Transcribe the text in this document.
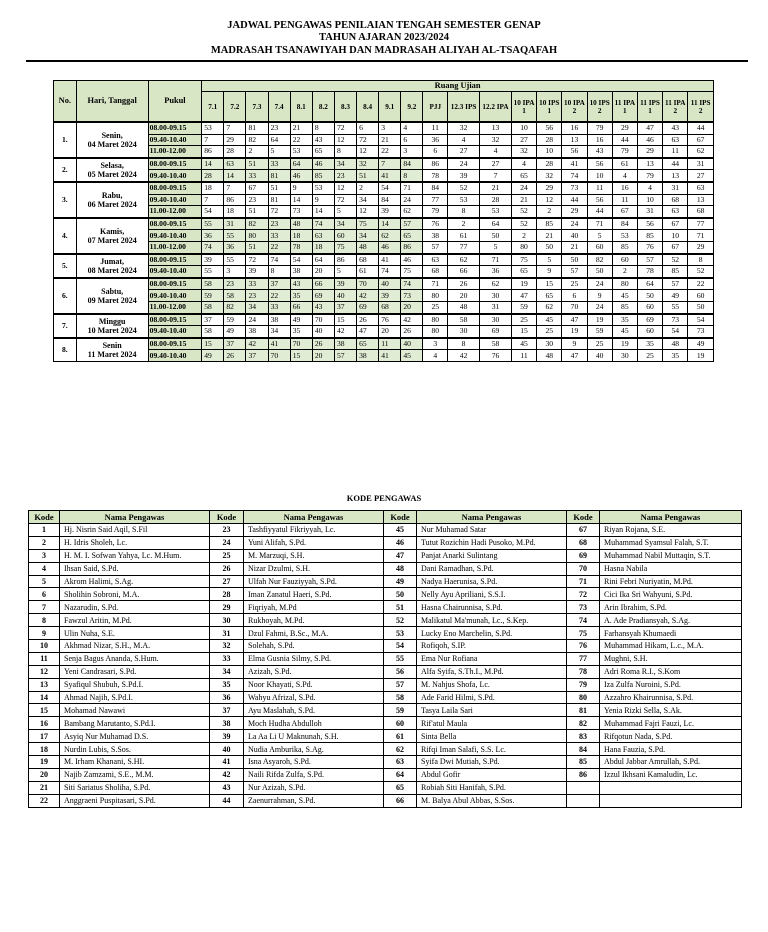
JADWAL PENGAWAS PENILAIAN TENGAH SEMESTER GENAP
TAHUN AJARAN 2023/2024
MADRASAH TSANAWIYAH DAN MADRASAH ALIYAH AL-TSAQAFAH
No.	Hari, Tanggal	Pukul	Ruang Ujian																				
			7.1	7.2	7.3	7.4	8.1	8.2	8.3	8.4	9.1	9.2	PJJ	12.3 IPS	12.2 IPA	10 IPA 1	10 IPS 1	10 IPA 2	10 IPS 2	11 IPA 1	11 IPS 1	11 IPA 2	11 IPS 2
1.	Senin,
04 Maret 2024	08.00-09.15	53	7	81	23	21	8	72	6	3	4	11	32	13	10	56	16	79	29	47	43	44
		09.40-10.40	7	29	82	64	22	43	12	72	21	6	36	4	32	27	28	13	16	44	46	63	67
		11.00-12.00	86	28	2	5	53	65	8	12	22	3	6	27	4	32	10	56	43	79	29	11	62
2.	Selasa,
05 Maret 2024	08.00-09.15	14	63	51	33	64	46	34	32	7	84	86	24	27	4	28	41	56	61	13	44	31
		09.40-10.40	28	14	33	81	46	85	23	51	41	8	78	39	7	65	32	74	10	4	79	13	27
3.	Rabu,
06 Maret 2024	08.00-09.15	18	7	67	51	9	53	12	2	54	71	84	52	21	24	29	73	11	16	4	31	63
		09.40-10.40	7	86	23	81	14	9	72	34	84	24	77	53	28	21	12	44	56	11	10	68	13
		11.00-12.00	54	18	51	72	73	14	5	12	39	62	79	8	53	52	2	29	44	67	31	63	68
4.	Kamis,
07 Maret 2024	08.00-09.15	55	31	82	23	48	74	34	75	14	57	76	2	64	52	85	24	71	84	56	67	77
		09.40-10.40	36	55	80	33	18	63	60	34	62	65	38	61	50	2	21	40	5	53	85	10	71
		11.00-12.00	74	36	51	22	78	18	75	48	46	86	57	77	5	80	50	21	60	85	76	67	29
5.	Jumat,
08 Maret 2024	08.00-09.15	39	55	72	74	54	64	86	68	41	46	63	62	71	75	5	50	82	60	57	52	8
		09.40-10.40	55	3	39	8	38	20	5	61	74	75	68	66	36	65	9	57	50	2	78	85	52
6.	Sabtu,
09 Maret 2024	08.00-09.15	58	23	33	37	43	66	39	70	40	74	71	26	62	19	15	25	24	80	64	57	22
		09.40-10.40	59	58	23	22	35	69	40	42	39	73	80	20	30	47	65	6	9	45	50	49	60
		11.00-12.00	58	82	34	33	66	43	37	69	68	20	25	48	31	59	62	70	24	85	60	55	50
7.	Minggu
10 Maret 2024	08.00-09.15	37	59	24	38	49	70	15	26	76	42	80	58	30	25	45	47	19	35	69	73	54
		09.40-10.40	58	49	38	34	35	40	42	47	20	26	80	30	69	15	25	19	59	45	60	54	73
8.	Senin
11 Maret 2024	08.00-09.15	15	37	42	41	70	26	38	65	11	40	3	8	58	45	30	9	25	19	35	48	49
		09.40-10.40	49	26	37	70	15	20	57	38	41	45	4	42	76	11	48	47	40	30	25	35	19
KODE PENGAWAS
Kode	Nama Pengawas	Kode	Nama Pengawas	Kode	Nama Pengawas	Kode	Nama Pengawas
1	Hj. Nisrin Said Aqil, S.Fil	23	Tashfiyyatul Fikriyyah, Lc.	45	Nur Muhamad Satar	67	Riyan Rojana, S.E.
2	H. Idris Sholeh, Lc.	24	Yuni Alifah, S.Pd.	46	Tutut Rozichin Hadi Pusoko, M.Pd.	68	Muhammad Syamsul Falah, S.T.
3	H. M. I. Sofwan Yahya, Lc. M.Hum.	25	M. Marzuqi, S.H.	47	Panjat Anarki Sulintang	69	Muhammad Nabil Muttaqin, S.T.
4	Ihsan Said, S.Pd.	26	Nizar Dzulmi, S.H.	48	Dani Ramadhan, S.Pd.	70	Hasna Nabila
5	Akrom Halimi, S.Ag.	27	Ulfah Nur Fauziyyah, S.Pd.	49	Nadya Haerunisa, S.Pd.	71	Rini Febri Nuriyatin, M.Pd.
6	Sholihin Sobroni, M.A.	28	Iman Zanatul Haeri, S.Pd.	50	Nelly Ayu Apriliani, S.S.I.	72	Cici Ika Sri Wahyuni, S.Pd.
7	Nazarudin, S.Pd.	29	Fiqriyah, M.Pd	51	Hasna Chairunnisa, S.Pd.	73	Arin Ibrahim, S.Pd.
8	Fawzul Aritin, M.Pd.	30	Rukhoyah, M.Pd.	52	Malikatul Ma'munah, Lc., S.Kep.	74	A. Ade Pradiansyah, S.Ag.
9	Ulin Nuha, S.E.	31	Dzul Fahmi, B.Sc., M.A.	53	Lucky Eno Marchelin, S.Pd.	75	Farhansyah Khumaedi
10	Akhmad Nizar, S.H., M.A.	32	Solehah, S.Pd.	54	Rofiqoh, S.IP.	76	Muhammad Hikam, L.c., M.A.
11	Senja Bagus Ananda, S.Hum.	33	Elma Gusnia Silmy, S.Pd.	55	Ema Nur Rofiana	77	Mughni, S.H.
12	Yeni Candrasari, S.Pd.	34	Azizah, S.Pd.	56	Alfa Syifa, S.Th.I., M.Pd.	78	Adri Roma R.I., S.Kom
13	Syafiqul Shubuh, S.Pd.I.	35	Noor Khayati, S.Pd.	57	M. Nahjus Shofa, Lc.	79	Iza Zulfa Nuroini, S.Pd.
14	Ahmad Najih, S.Pd.I.	36	Wahyu Afrizal, S.Pd.	58	Ade Farid Hilmi, S.Pd.	80	Azzahro Khairunnisa, S.Pd.
15	Mohamad Nawawi	37	Ayu Maslahah, S.Pd.	59	Tasya Laila Sari	81	Yenia Rizki Sella, S.Ak.
16	Bambang Marutanto, S.Pd.I.	38	Moch Hudha Abdulloh	60	Rif'atul Maula	82	Muhammad Fajri Fauzi, Lc.
17	Asyiq Nur Muhamad D.S.	39	La Aa Li U Maknunah, S.H.	61	Sinta Bella	83	Rifqotun Nada, S.Pd.
18	Nurdin Lubis, S.Sos.	40	Nudia Amburika, S.Ag.	62	Rifqi Iman Salafi, S.S. Lc.	84	Hana Fauzia, S.Pd.
19	M. Irham Khanani, S.HI.	41	Isna Asyaroh, S.Pd.	63	Syifa Dwi Mutiah, S.Pd.	85	Abdul Jabbar Amrullah, S.Pd.
20	Najib Zamzami, S.E., M.M.	42	Naili Rifda Zulfa, S.Pd.	64	Abdul Gofir	86	Izzul Ikhsani Kamaludin, Lc.
21	Siti Sariatus Sholiha, S.Pd.	43	Nur Azizah, S.Pd.	65	Robiah Siti Hanifah, S.Pd.		
22	Anggraeni Puspitasari, S.Pd.	44	Zaenurrahman, S.Pd.	66	M. Balya Abul Abbas, S.Sos.		
